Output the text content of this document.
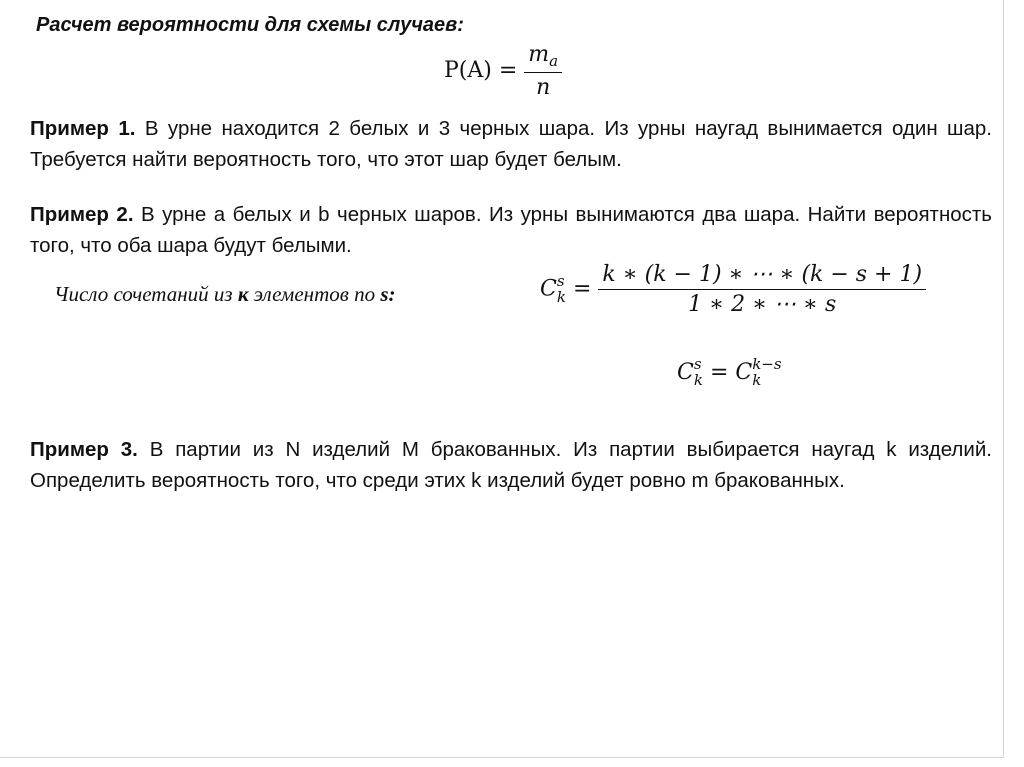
Расчет вероятности для схемы случаев:
$P(A) = \frac{m_a}{n}$
Пример 1. В урне находится 2 белых и 3 черных шара. Из урны наугад вынимается один шар. Требуется найти вероятность того, что этот шар будет белым.
Пример 2. В урне a белых и b черных шаров. Из урны вынимаются два шара. Найти вероятность того, что оба шара будут белыми.
Число сочетаний из к элементов по s:	C s
$k = \frac{k ∗ (k - 1) ∗ \cdots ∗ (k - s + 1)}{1 ∗ 2 ∗ \cdots ∗ s}$
C s
k = C k−s
k
Пример 3. В партии из N изделий M бракованных. Из партии выбирается наугад k изделий. Определить вероятность того, что среди этих k изделий будет ровно m бракованных.
